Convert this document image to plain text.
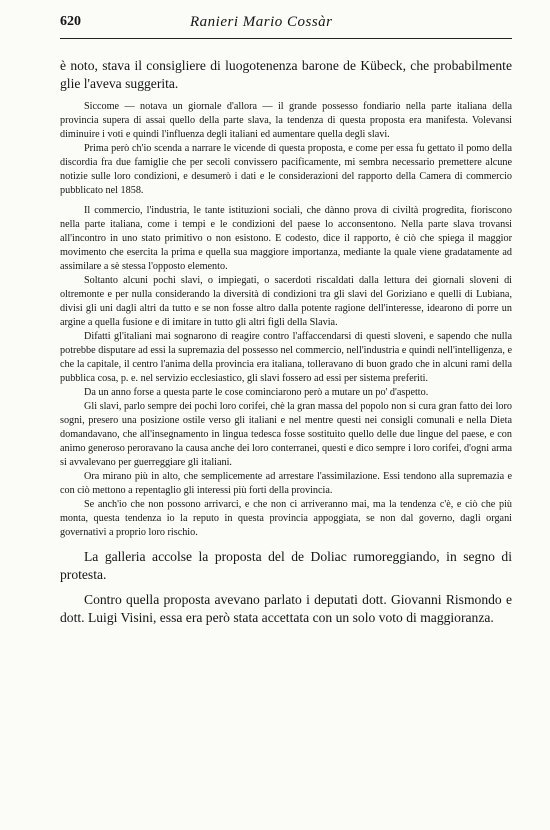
620	Ranieri Mario Cossàr

è noto, stava il consigliere di luogotenenza barone de Kübeck, che probabilmente glie l'aveva suggerita.

Siccome — notava un giornale d'allora — il grande possesso fondiario nella parte italiana della provincia supera di assai quello della parte slava, la tendenza di questa proposta era manifesta. Volevansi diminuire i voti e quindi l'influenza degli italiani ed aumentare quella degli slavi.

Prima però ch'io scenda a narrare le vicende di questa proposta, e come per essa fu gettato il pomo della discordia fra due famiglie che per secoli convissero pacificamente, mi sembra necessario premettere alcune notizie sulle loro condizioni, e desumerò i dati e le considerazioni del rapporto della Camera di commercio pubblicato nel 1858.

Il commercio, l'industria, le tante istituzioni sociali, che dànno prova di civiltà progredita, fioriscono nella parte italiana, come i tempi e le condizioni del paese lo acconsentono. Nella parte slava trovansi all'incontro in uno stato primitivo o non esistono. E codesto, dice il rapporto, è ciò che spiega il maggior movimento che esercita la prima e quella sua maggiore importanza, mediante la quale viene gradatamente ad assimilare a sè stessa l'opposto elemento.

Soltanto alcuni pochi slavi, o impiegati, o sacerdoti riscaldati dalla lettura dei giornali sloveni di oltremonte e per nulla considerando la diversità di condizioni tra gli slavi del Goriziano e quelli di Lubiana, divisi gli uni dagli altri da tutto e se non fosse altro dalla potente ragione dell'interesse, idearono di porre un argine a quella fusione e di imitare in tutto gli altri figli della Slavia.

Difatti gl'italiani mai sognarono di reagire contro l'affaccendarsi di questi sloveni, e sapendo che nulla potrebbe disputare ad essi la supremazia del possesso nel commercio, nell'industria e quindi nell'intelligenza, e che la capitale, il centro l'anima della provincia era italiana, tolleravano di buon grado che in alcuni rami della pubblica cosa, p. e. nel servizio ecclesiastico, gli slavi fossero ad essi per sistema preferiti.

Da un anno forse a questa parte le cose cominciarono però a mutare un po' d'aspetto.

Gli slavi, parlo sempre dei pochi loro corifei, chè la gran massa del popolo non si cura gran fatto dei loro sogni, presero una posizione ostile verso gli italiani e nel mentre questi nei consigli comunali e nella Dieta domandavano, che all'insegnamento in lingua tedesca fosse sostituito quello delle due lingue del paese, e con animo generoso peroravano la causa anche dei loro conterranei, questi e dico sempre i loro corifei, d'ogni arma si avvalevano per guerreggiare gli italiani.

Ora mirano più in alto, che semplicemente ad arrestare l'assimilazione. Essi tendono alla supremazia e con ciò mettono a repentaglio gli interessi più forti della provincia.

Se anch'io che non possono arrivarci, e che non ci arriveranno mai, ma la tendenza c'è, e ciò che più monta, questa tendenza io la reputo in questa provincia appoggiata, se non dal governo, dagli organi governativi a proprio loro rischio.

La galleria accolse la proposta del de Doliac rumoreggiando, in segno di protesta.

Contro quella proposta avevano parlato i deputati dott. Giovanni Rismondo e dott. Luigi Visini, essa era però stata accettata con un solo voto di maggioranza.
